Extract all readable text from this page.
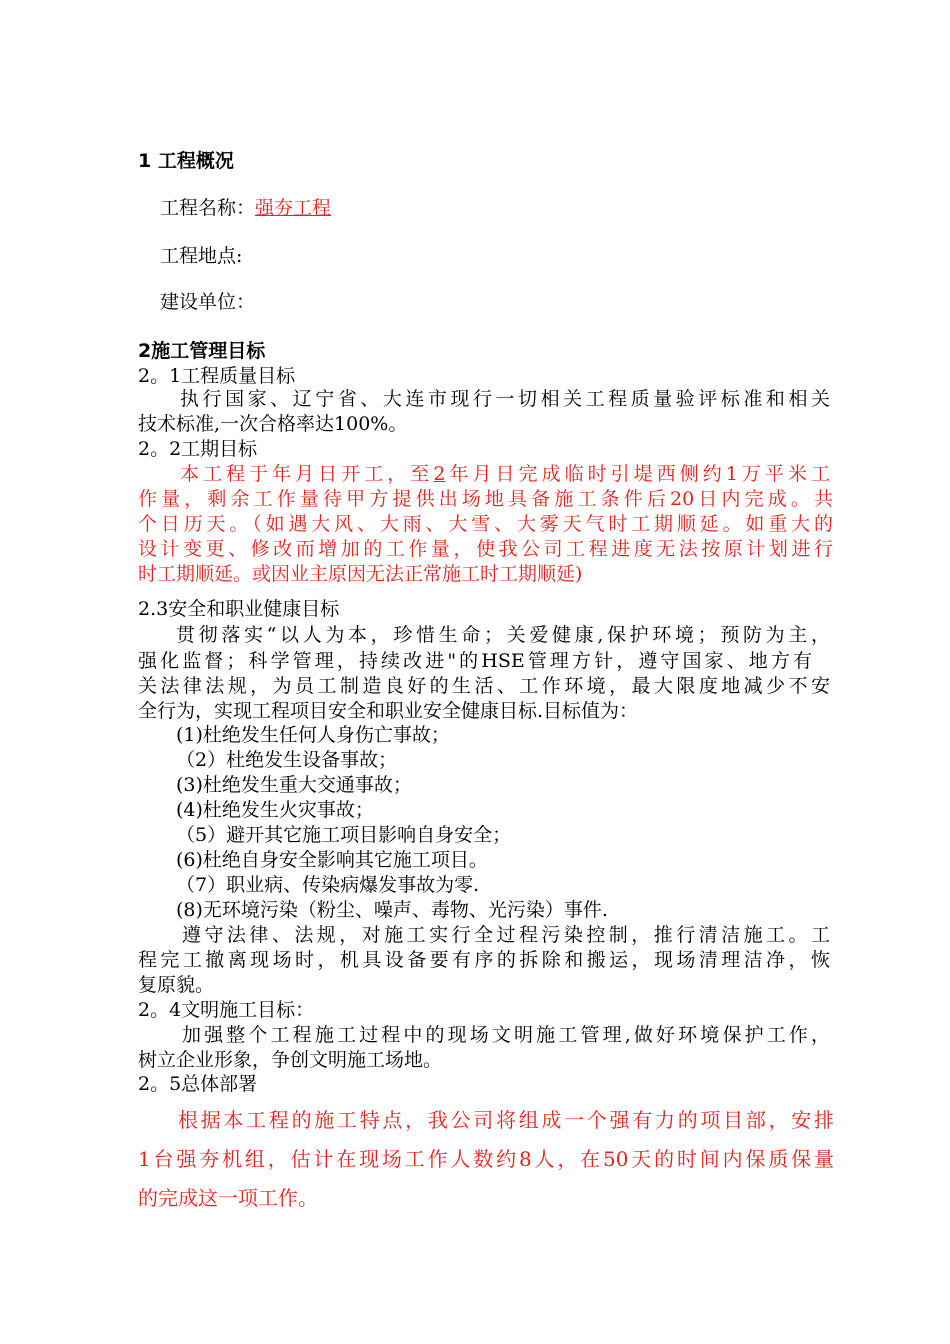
1 工程概况
工程名称：强夯工程
工程地点:
建设单位：
2施工管理目标
2。1工程质量目标
执行国家、辽宁省、大连市现行一切相关工程质量验评标准和相关
技术标准,一次合格率达100%。
2。2工期目标
本工程于年月日开工，至2年月日完成临时引堤西侧约1万平米工
作量，剩余工作量待甲方提供出场地具备施工条件后20日内完成。共
个日历天。（如遇大风、大雨、大雪、大雾天气时工期顺延。如重大的
设计变更、修改而增加的工作量，使我公司工程进度无法按原计划进行
时工期顺延。或因业主原因无法正常施工时工期顺延)
2.3安全和职业健康目标
贯彻落实“以人为本，珍惜生命；关爱健康,保护环境；预防为主，
强化监督；科学管理，持续改进"的HSE管理方针，遵守国家、地方有
关法律法规，为员工制造良好的生活、工作环境，最大限度地减少不安
全行为，实现工程项目安全和职业安全健康目标.目标值为：
(1)杜绝发生任何人身伤亡事故；
（2）杜绝发生设备事故；
(3)杜绝发生重大交通事故；
(4)杜绝发生火灾事故；
（5）避开其它施工项目影响自身安全；
(6)杜绝自身安全影响其它施工项目。
（7）职业病、传染病爆发事故为零.
(8)无环境污染（粉尘、噪声、毒物、光污染）事件.
遵守法律、法规，对施工实行全过程污染控制，推行清洁施工。工
程完工撤离现场时，机具设备要有序的拆除和搬运，现场清理洁净，恢
复原貌。
2。4文明施工目标：
加强整个工程施工过程中的现场文明施工管理,做好环境保护工作，
树立企业形象，争创文明施工场地。
2。5总体部署
根据本工程的施工特点，我公司将组成一个强有力的项目部，安排
1台强夯机组，估计在现场工作人数约8人，在50天的时间内保质保量
的完成这一项工作。
